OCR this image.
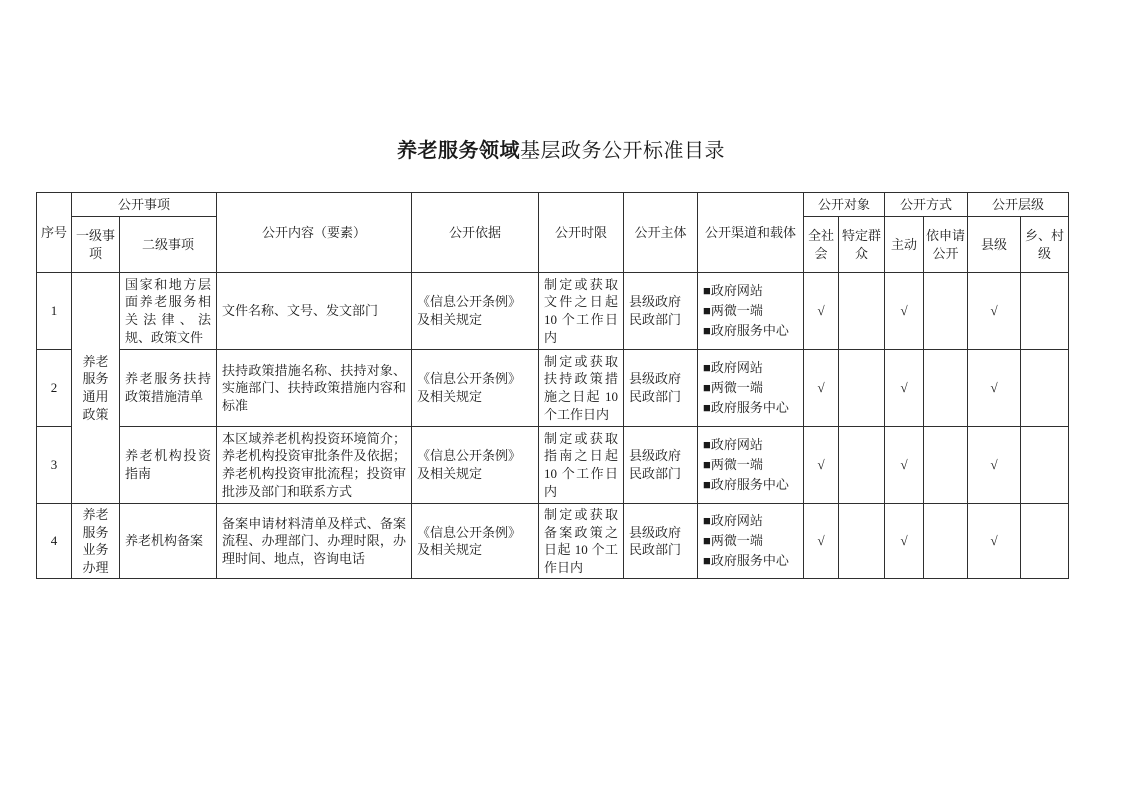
养老服务领域基层政务公开标准目录
序号	公开事项		公开内容（要素）	公开依据	公开时限	公开主体	公开渠道和载体	公开对象		公开方式		公开层级	
	一级事项	二级事项						全社会	特定群众	主动	依申请公开	县级	乡、村级
1	养老服务通用政策	国家和地方层面养老服务相关法律、法规、政策文件	文件名称、文号、发文部门	《信息公开条例》及相关规定	制定或获取文件之日起 10 个工作日内	县级政府民政部门	■政府网站
■两微一端
■政府服务中心	√		√		√	
2		养老服务扶持政策措施清单	扶持政策措施名称、扶持对象、实施部门、扶持政策措施内容和标准	《信息公开条例》及相关规定	制定或获取扶持政策措施之日起 10 个工作日内	县级政府民政部门	■政府网站
■两微一端
■政府服务中心	√		√		√	
3		养老机构投资指南	本区域养老机构投资环境简介；养老机构投资审批条件及依据；养老机构投资审批流程；投资审批涉及部门和联系方式	《信息公开条例》及相关规定	制定或获取指南之日起 10 个工作日内	县级政府民政部门	■政府网站
■两微一端
■政府服务中心	√		√		√	
4	养老服务业务办理	养老机构备案	备案申请材料清单及样式、备案流程、办理部门、办理时限，办理时间、地点，咨询电话	《信息公开条例》及相关规定	制定或获取备案政策之日起 10 个工作日内	县级政府民政部门	■政府网站
■两微一端
■政府服务中心	√		√		√	
